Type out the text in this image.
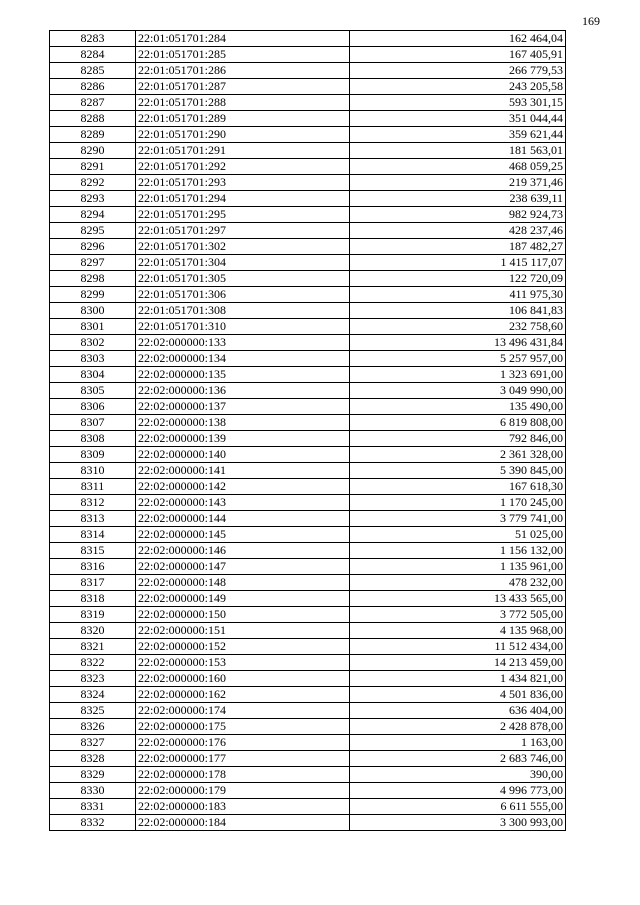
169
8283	22:01:051701:284	162 464,04
8284	22:01:051701:285	167 405,91
8285	22:01:051701:286	266 779,53
8286	22:01:051701:287	243 205,58
8287	22:01:051701:288	593 301,15
8288	22:01:051701:289	351 044,44
8289	22:01:051701:290	359 621,44
8290	22:01:051701:291	181 563,01
8291	22:01:051701:292	468 059,25
8292	22:01:051701:293	219 371,46
8293	22:01:051701:294	238 639,11
8294	22:01:051701:295	982 924,73
8295	22:01:051701:297	428 237,46
8296	22:01:051701:302	187 482,27
8297	22:01:051701:304	1 415 117,07
8298	22:01:051701:305	122 720,09
8299	22:01:051701:306	411 975,30
8300	22:01:051701:308	106 841,83
8301	22:01:051701:310	232 758,60
8302	22:02:000000:133	13 496 431,84
8303	22:02:000000:134	5 257 957,00
8304	22:02:000000:135	1 323 691,00
8305	22:02:000000:136	3 049 990,00
8306	22:02:000000:137	135 490,00
8307	22:02:000000:138	6 819 808,00
8308	22:02:000000:139	792 846,00
8309	22:02:000000:140	2 361 328,00
8310	22:02:000000:141	5 390 845,00
8311	22:02:000000:142	167 618,30
8312	22:02:000000:143	1 170 245,00
8313	22:02:000000:144	3 779 741,00
8314	22:02:000000:145	51 025,00
8315	22:02:000000:146	1 156 132,00
8316	22:02:000000:147	1 135 961,00
8317	22:02:000000:148	478 232,00
8318	22:02:000000:149	13 433 565,00
8319	22:02:000000:150	3 772 505,00
8320	22:02:000000:151	4 135 968,00
8321	22:02:000000:152	11 512 434,00
8322	22:02:000000:153	14 213 459,00
8323	22:02:000000:160	1 434 821,00
8324	22:02:000000:162	4 501 836,00
8325	22:02:000000:174	636 404,00
8326	22:02:000000:175	2 428 878,00
8327	22:02:000000:176	1 163,00
8328	22:02:000000:177	2 683 746,00
8329	22:02:000000:178	390,00
8330	22:02:000000:179	4 996 773,00
8331	22:02:000000:183	6 611 555,00
8332	22:02:000000:184	3 300 993,00
